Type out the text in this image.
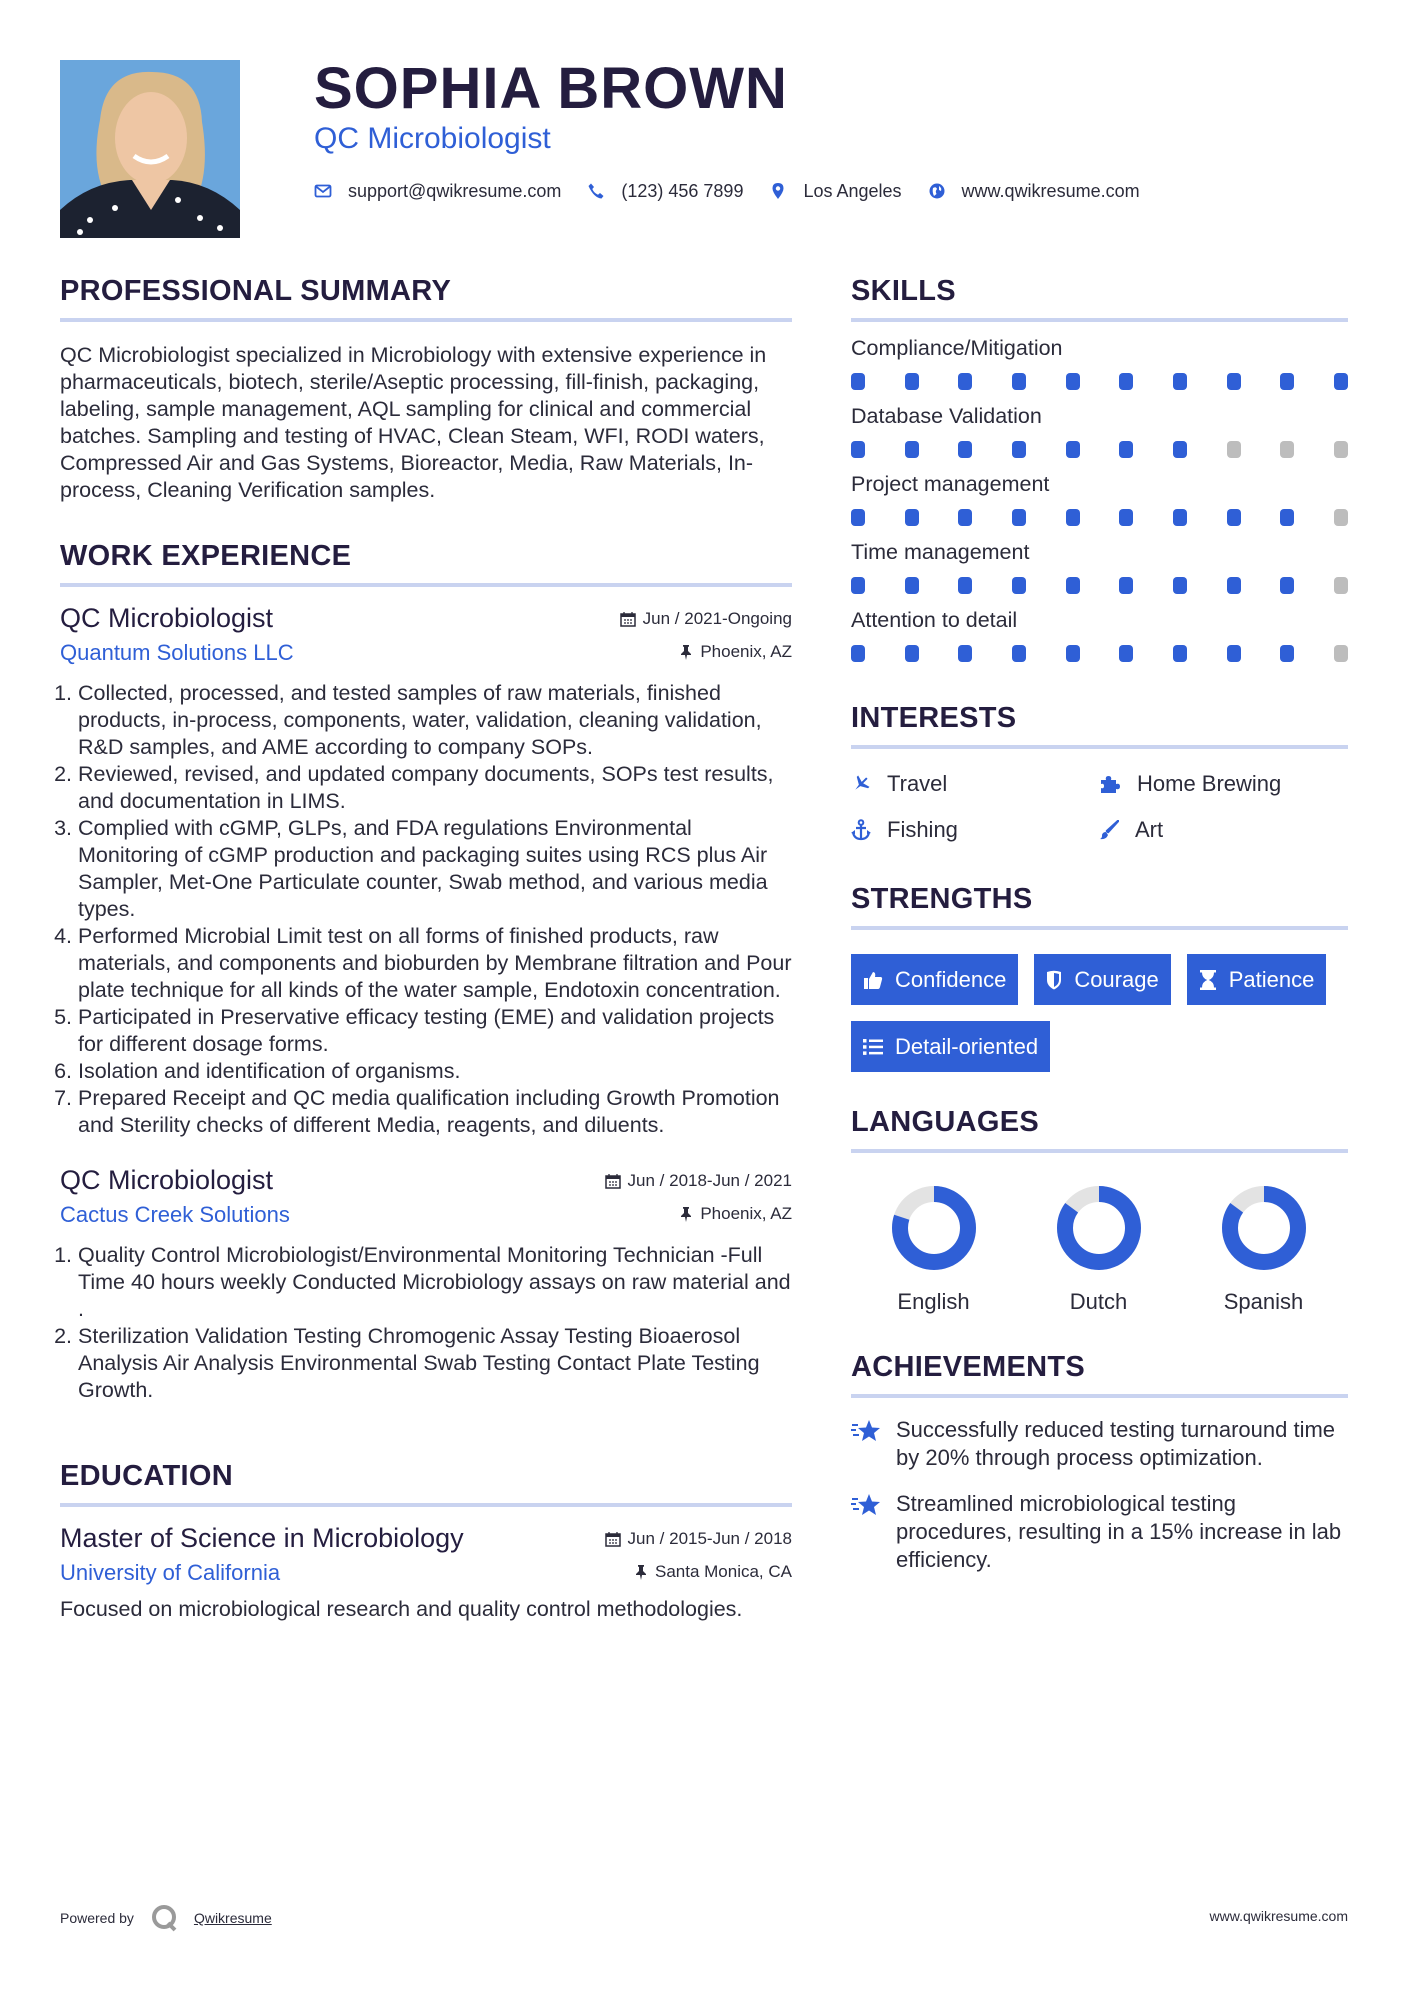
SOPHIA BROWN
QC Microbiologist
support@qwikresume.com	(123) 456 7899	Los Angeles	www.qwikresume.com
PROFESSIONAL SUMMARY

QC Microbiologist specialized in Microbiology with extensive experience in pharmaceuticals, biotech, sterile/Aseptic processing, fill-finish, packaging, labeling, sample management, AQL sampling for clinical and commercial batches. Sampling and testing of HVAC, Clean Steam, WFI, RODI waters, Compressed Air and Gas Systems, Bioreactor, Media, Raw Materials, In-process, Cleaning Verification samples.

WORK EXPERIENCE
QC Microbiologist	Jun / 2021-Ongoing
Quantum Solutions LLC	Phoenix, AZ
1. Collected, processed, and tested samples of raw materials, finished products, in-process, components, water, validation, cleaning validation, R&D samples, and AME according to company SOPs.
2. Reviewed, revised, and updated company documents, SOPs test results, and documentation in LIMS.
3. Complied with cGMP, GLPs, and FDA regulations Environmental Monitoring of cGMP production and packaging suites using RCS plus Air Sampler, Met-One Particulate counter, Swab method, and various media types.
4. Performed Microbial Limit test on all forms of finished products, raw materials, and components and bioburden by Membrane filtration and Pour plate technique for all kinds of the water sample, Endotoxin concentration.
5. Participated in Preservative efficacy testing (EME) and validation projects for different dosage forms.
6. Isolation and identification of organisms.
7. Prepared Receipt and QC media qualification including Growth Promotion and Sterility checks of different Media, reagents, and diluents.
QC Microbiologist	Jun / 2018-Jun / 2021
Cactus Creek Solutions	Phoenix, AZ
1. Quality Control Microbiologist/Environmental Monitoring Technician -Full Time 40 hours weekly Conducted Microbiology assays on raw material and .
2. Sterilization Validation Testing Chromogenic Assay Testing Bioaerosol Analysis Air Analysis Environmental Swab Testing Contact Plate Testing Growth.
EDUCATION
Master of Science in Microbiology	Jun / 2015-Jun / 2018
University of California	Santa Monica, CA

Focused on microbiological research and quality control methodologies.

SKILLS
Compliance/Mitigation
Database Validation
Project management
Time management
Attention to detail
INTERESTS
Travel	Home Brewing
Fishing	Art
STRENGTHS
Confidence	Courage	Patience
Detail-oriented
LANGUAGES
English	Dutch	Spanish
ACHIEVEMENTS

Successfully reduced testing turnaround time by 20% through process optimization.

Streamlined microbiological testing procedures, resulting in a 15% increase in lab efficiency.

Powered by	Qwikresume	www.qwikresume.com
